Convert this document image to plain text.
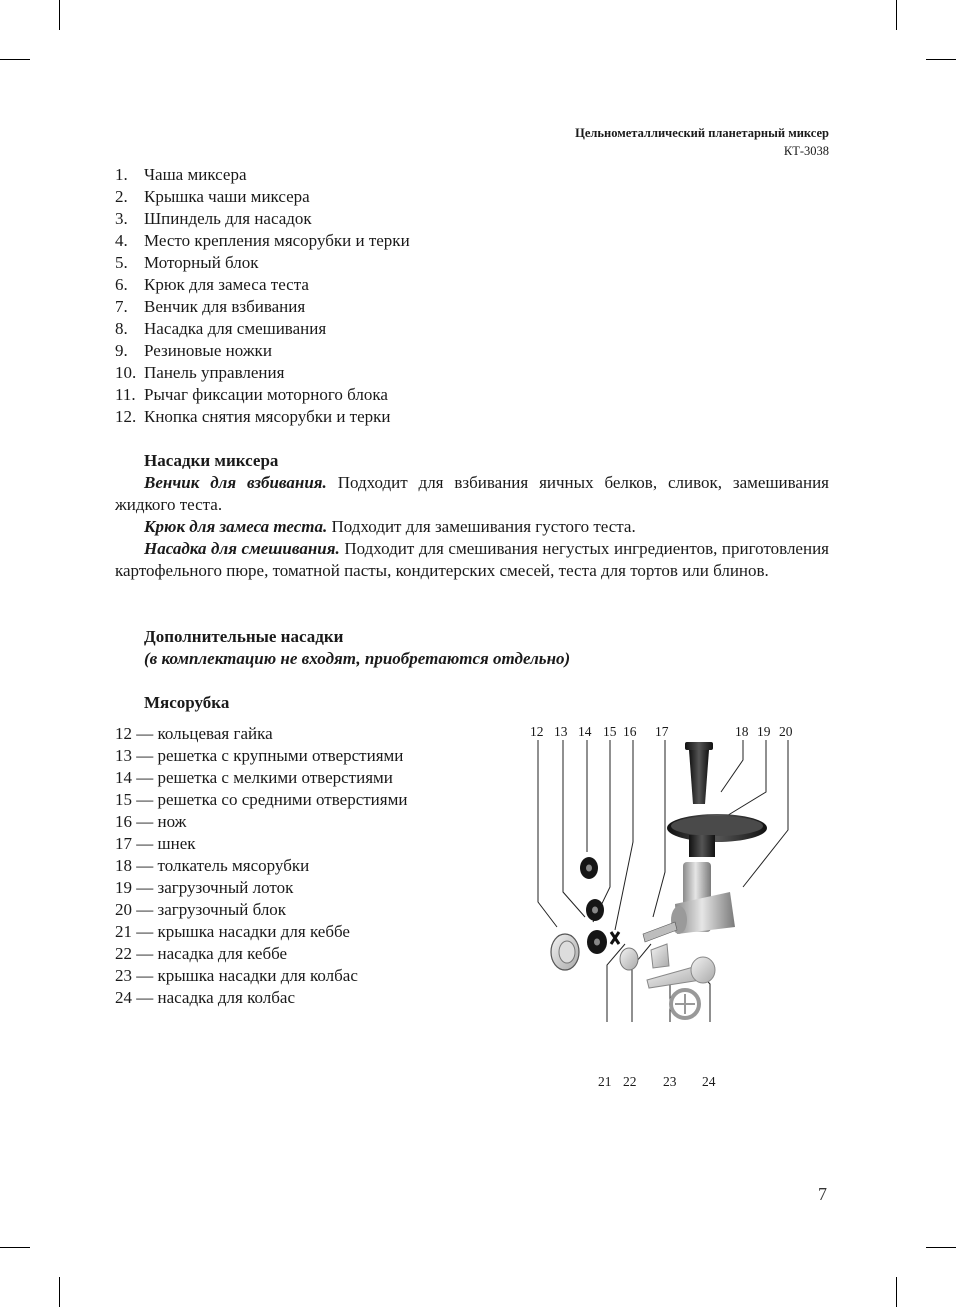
Цельнометаллический планетарный миксер
КТ-3038
1. Чаша миксера
2. Крышка чаши миксера
3. Шпиндель для насадок
4. Место крепления мясорубки и терки
5. Моторный блок
6. Крюк для замеса теста
7. Венчик для взбивания
8. Насадка для смешивания
9. Резиновые ножки
10. Панель управления
11. Рычаг фиксации моторного блока
12. Кнопка снятия мясорубки и терки

Насадки миксера

Венчик для взбивания. Подходит для взбивания яичных белков, сливок, замешивания жидкого теста.

Крюк для замеса теста. Подходит для замешивания густого теста.

Насадка для смешивания. Подходит для смешивания негустых ингредиентов, приготовления картофельного пюре, томатной пасты, кондитерских смесей, теста для тортов или блинов.

Дополнительные насадки

(в комплектацию не входят, приобретаются отдельно)

Мясорубка

12 — кольцевая гайка
13 — решетка с крупными отверстиями
14 — решетка с мелкими отверстиями
15 — решетка со средними отверстиями
16 — нож
17 — шнек
18 — толкатель мясорубки
19 — загрузочный лоток
20 — загрузочный блок
21 — крышка насадки для кеббе
22 — насадка для кеббе
23 — крышка насадки для колбас
24 — насадка для колбас
12 13 14 15 16 17	18 19 20
21 22 23 24
7
